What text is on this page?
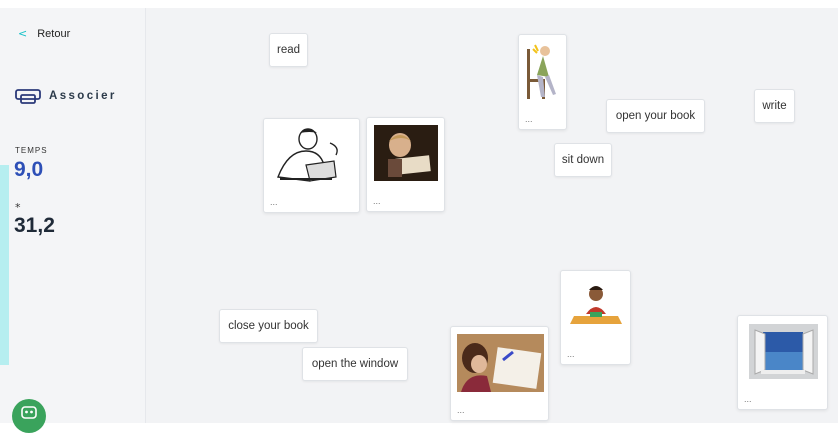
< Retour
Associer
TEMPS
9,0
*
31,2
read
open your book
write
sit down
close your book
open the window
...
...	...
...
...
...
